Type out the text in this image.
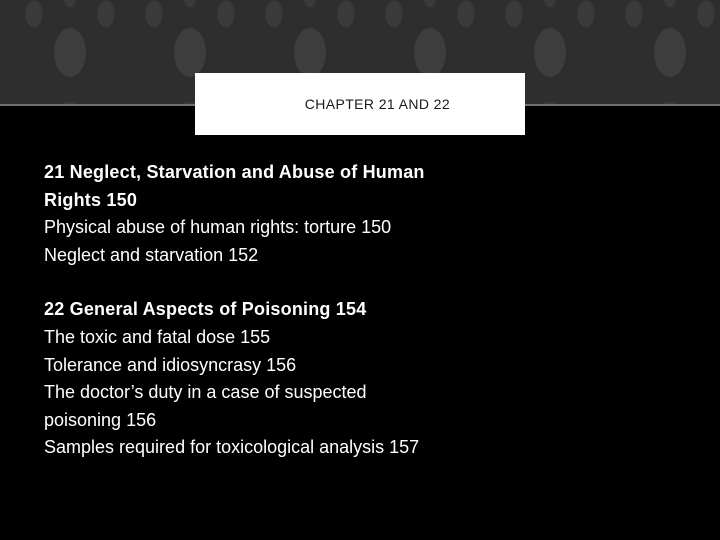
CHAPTER 21 AND 22
21 Neglect, Starvation and Abuse of Human
Rights 150
Physical abuse of human rights: torture 150
Neglect and starvation 152
22 General Aspects of Poisoning 154
The toxic and fatal dose 155
Tolerance and idiosyncrasy 156
The doctor’s duty in a case of suspected
poisoning 156
Samples required for toxicological analysis 157
